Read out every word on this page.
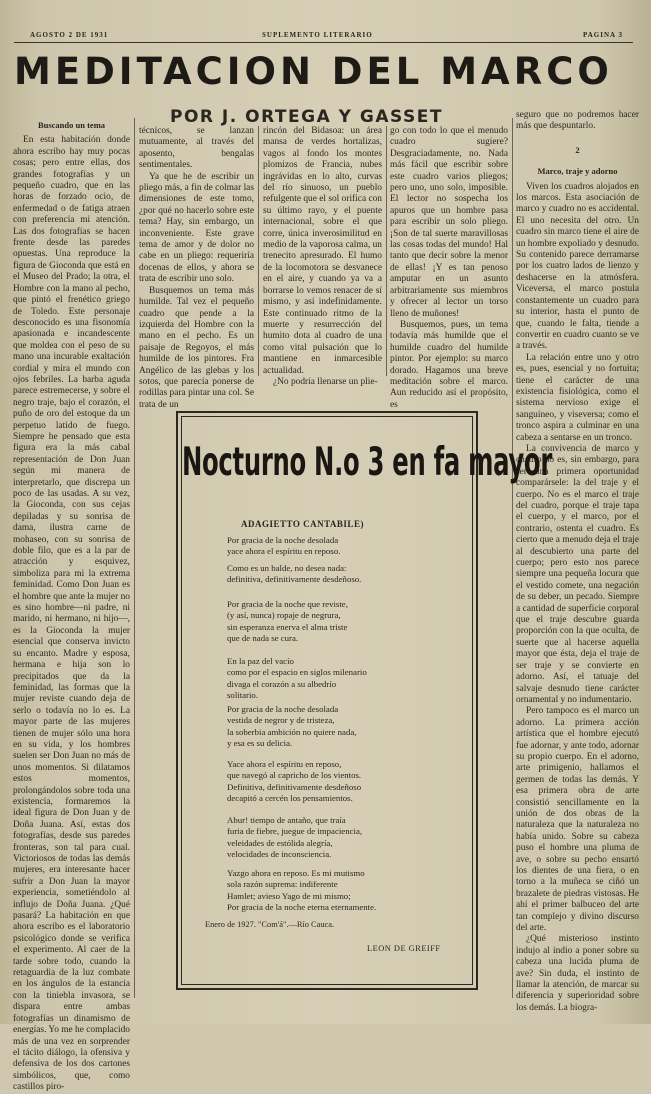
AGOSTO 2 DE 1931	SUPLEMENTO LITERARIO	PAGINA 3
MEDITACION DEL MARCO
POR J. ORTEGA Y GASSET
Buscando un tema

En esta habitación donde ahora escribo hay muy pocas cosas; pero entre ellas, dos grandes fotografías y un pequeño cuadro, que en las horas de forzado ocio, de enfermedad o de fatiga atraen con preferencia mi atención. Las dos fotografías se hacen frente desde las paredes opuestas. Una reproduce la figura de Gioconda que está en el Museo del Prado; la otra, el Hombre con la mano al pecho, que pintó el frenético griego de Toledo. Este personaje desconocido es una fisonomía apasionada e incandescente que moldea con el peso de su mano una incurable exaltación cordial y mira el mundo con ojos febriles. La barba aguda parece estremecerse, y sobre el negro traje, bajo el corazón, el puño de oro del estoque da un perpetuo latido de fuego. Siempre he pensado que esta figura era la más cabal representación de Don Juan según mi manera de interpretarlo, que discrepa un poco de las usadas. A su vez, la Gioconda, con sus cejas depiladas y su sonrisa de dama, ilustra carne de mohaseo, con su sonrisa de doble filo, que es a la par de atracción y esquivez, simboliza para mi la extrema feminidad. Como Don Juan es el hombre que ante la mujer no es sino hombre—ni padre, ni marido, ni hermano, ni hijo—, es la Gioconda la mujer esencial que conserva invicto su encanto. Madre y esposa, hermana e hija son lo precipitados que da la feminidad, las formas que la mujer reviste cuando deja de serlo o todavía no lo es. La mayor parte de las mujeres tienen de mujer sólo una hora en su vida, y los hombres suelen ser Don Juan no más de unos momentos. Si dilatamos estos momentos, prolongándolos sobre toda una existencia, formaremos la ideal figura de Don Juan y de Doña Juana. Así, estas dos fotografías, desde sus paredes fronteras, son tal para cual. Victoriosos de todas las demás mujeres, era interesante hacer sufrir a Don Juan la mayor experiencia, sometiéndolo al influjo de Doña Juana. ¿Qué pasará? La habitación en que ahora escribo es el laboratorio psicológico donde se verifica el experimento. Al caer de la tarde sobre todo, cuando la retaguardia de la luz combate en los ángulos de la estancia con la tiniebla invasora, se dispara entre ambas fotografías un dinamismo de energías. Yo me he complacido más de una vez en sorprender el tácito diálogo, la ofensiva y defensiva de los dos cartones simbólicos, que, como castillos piro-

técnicos, se lanzan mutuamente, al través del aposento, bengalas sentimentales.

Ya que he de escribir un pliego más, a fin de colmar las dimensiones de este tomo, ¿por qué no hacerlo sobre este tema? Hay, sin embargo, un inconveniente. Este grave tema de amor y de dolor no cabe en un pliego: requeriría docenas de ellos, y ahora se trata de escribir uno solo.

Busquemos un tema más humilde. Tal vez el pequeño cuadro que pende a la izquierda del Hombre con la mano en el pecho. Es un paisaje de Regoyos, el más humilde de los pintores. Fra Angélico de las glebas y los sotos, que parecía ponerse de rodillas para pintar una col. Se trata de un

rincón del Bidasoa: un área mansa de verdes hortalizas, vagos al fondo los montes plomizos de Francia, nubes ingrávidas en lo alto, curvas del río sinuoso, un pueblo refulgente que el sol orifica con su último rayo, y el puente internacional, sobre el que corre, única inverosimilitud en medio de la vaporosa calma, un trenecito apresurado. El humo de la locomotora se desvanece en el aire, y cuando ya va a borrarse lo vemos renacer de sí mismo, y así indefinidamente. Este continuado ritmo de la muerte y resurrección del humito dota al cuadro de una como vital pulsación que lo mantiene en inmarcesible actualidad.

¿No podría llenarse un plie-

go con todo lo que el menudo cuadro sugiere? Desgraciadamente, no. Nada más fácil que escribir sobre este cuadro varios pliegos; pero uno, uno solo, imposible. El lector no sospecha los apuros que un hombre pasa para escribir un solo pliego. ¡Son de tal suerte maravillosas las cosas todas del mundo! Hal tanto que decir sobre la menor de ellas! ¡Y es tan penoso amputar en un asunto arbitrariamente sus miembros y ofrecer al lector un torso lleno de muñones!

Busquemos, pues, un tema todavía más humilde que el humilde cuadro del humilde pintor. Por ejemplo: su marco dorado. Hagamos una breve meditación sobre el marco. Aun reducido así el propósito, es

seguro que no podremos hacer más que despuntarlo.

2
Marco, traje y adorno

Viven los cuadros alojados en los marcos. Esta asociación de marco y cuadro no es accidental. El uno necesita del otro. Un cuadro sin marco tiene el aire de un hombre expoliado y desnudo. Su contenido parece derramarse por los cuatro lados de lienzo y deshacerse en la atmósfera. Viceversa, el marco postula constantemente un cuadro para su interior, hasta el punto de que, cuando le falta, tiende a convertir en cuadro cuanto se ve a través.

La relación entre uno y otro es, pues, esencial y no fortuita; tiene el carácter de una existencia fisiológica, como el sistema nervioso exige el sanguíneo, y viseversa; como el tronco aspira a culminar en una cabeza a sentarse en un tronco.

La convivencia de marco y cuadro no es, sin embargo, para ser una primera oportunidad comparársele: la del traje y el cuerpo. No es el marco el traje del cuadro, porque el traje tapa el cuerpo, y el marco, por el contrario, ostenta el cuadro. Es cierto que a menudo deja el traje al descubierto una parte del cuerpo; pero esto nos parece siempre una pequeña locura que el vestido comete, una negación de su deber, un pecado. Siempre a cantidad de superficie corporal que el traje descubre guarda proporción con la que oculta, de suerte que al hacerse aquella mayor que ésta, deja el traje de ser traje y se convierte en adorno. Así, el tatuaje del salvaje desnudo tiene carácter ornamental y no indumentario.

Pero tampoco es el marco un adorno. La primera acción artística que el hombre ejecutó fue adornar, y ante todo, adornar su propio cuerpo. En el adorno, arte primigenio, hallamos el germen de todas las demás. Y esa primera obra de arte consistió sencillamente en la unión de dos obras de la naturaleza que la naturaleza no había unido. Sobre su cabeza puso el hombre una pluma de ave, o sobre su pecho ensartó los dientes de una fiera, o en torno a la muñeca se ciñó un brazalete de piedras vistosas. He ahí el primer balbuceo del arte tan complejo y divino discurso del arte.

¿Qué misterioso instinto indujo al indio a poner sobre su cabeza una lucida pluma de ave? Sin duda, el instinto de llamar la atención, de marcar su diferencia y superioridad sobre los demás. La biogra-

Nocturno N.o 3 en fa mayor
ADAGIETTO CANTABILE)
Por gracia de la noche desolada
yace ahora el espíritu en reposo.
Como es un balde, no desea nada:
definitiva, definitivamente desdeñoso.
Por gracia de la noche que reviste,
(y así, nunca) ropaje de negrura,
sin esperanza enerva el alma triste
que de nada se cura.
En la paz del vacío
como por el espacio en siglos milenario
divaga el corazón a su albedrío
solitario.
Por gracia de la noche desolada
vestida de negror y de tristeza,
la soberbia ambición no quiere nada,
y esa es su delicia.
Yace ahora el espíritu en reposo,
que navegó al capricho de los vientos.
Definitiva, definitivamente desdeñoso
decapitó a cercén los pensamientos.
Abur! tiempo de antaño, que traía
furia de fiebre, juegue de impaciencia,
veleidades de estólida alegría,
velocidades de inconsciencia.
Yazgo ahora en reposo. Es mi mutismo
sola razón suprema: indiferente
Hamlet; avieso Yago de mi mismo;
Por gracia de la noche eterna eternamente.
Enero de 1927. "Com'á".—Río Cauca.
LEON DE GREIFF
